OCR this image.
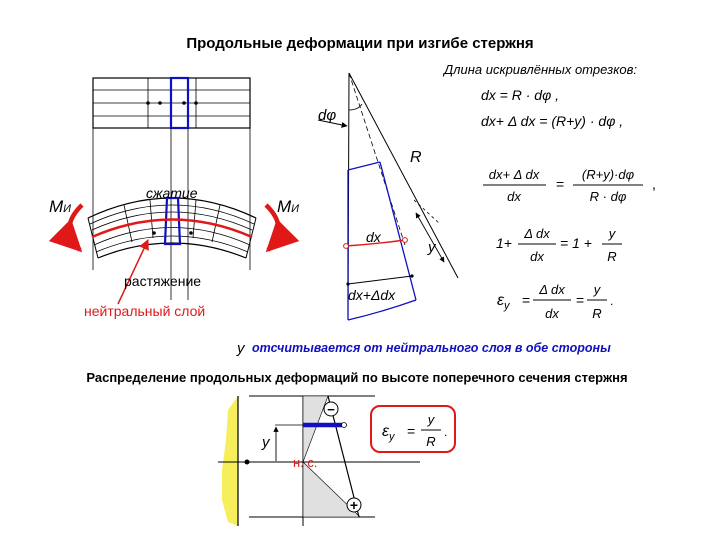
Продольные деформации при изгибе стержня
MИ	MИ
сжатие
растяжение
нейтральный слой
dφ
R
dx
dx+Δdx
y
Длина искривлённых отрезков:
dx = R · dφ ,
dx+ Δ dx = (R+y) · dφ ,
dx+ Δ dx
dx
=
(R+y)·dφ
R · dφ
,
1+
Δ dx
dx
= 1 +
y
R
$\varepsilon_y$ =
Δ dx
dx
=
y
R
.
y отсчитывается от нейтрального слоя в обе стороны
Распределение продольных деформаций по высоте поперечного сечения стержня
−
+
y
н. с.
$\varepsilon_y$ =
y
R
.
